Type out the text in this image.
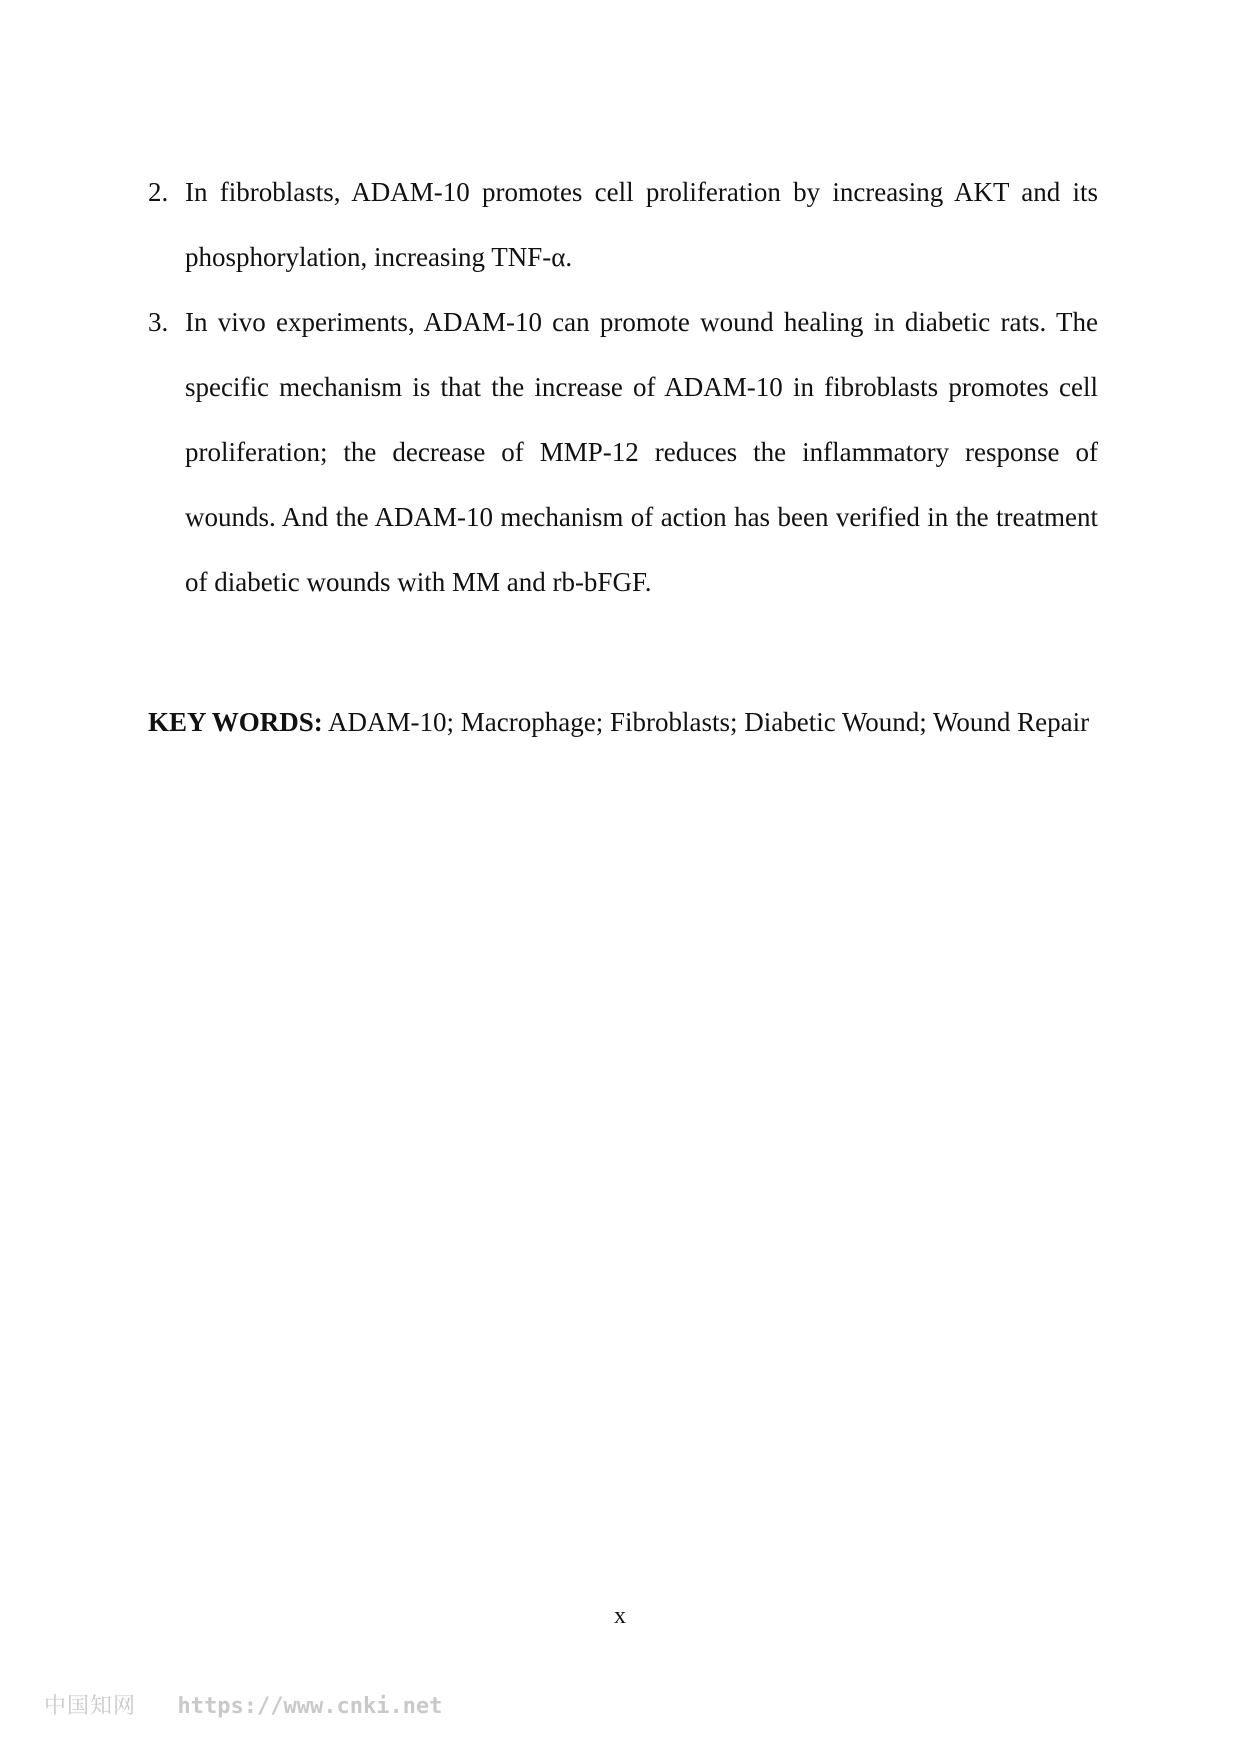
2. In fibroblasts, ADAM-10 promotes cell proliferation by increasing AKT and its phosphorylation, increasing TNF-α.
3. In vivo experiments, ADAM-10 can promote wound healing in diabetic rats. The specific mechanism is that the increase of ADAM-10 in fibroblasts promotes cell proliferation; the decrease of MMP-12 reduces the inflammatory response of wounds. And the ADAM-10 mechanism of action has been verified in the treatment of diabetic wounds with MM and rb-bFGF.
KEY WORDS: ADAM-10; Macrophage; Fibroblasts; Diabetic Wound; Wound Repair
x
中国知网 https://www.cnki.net
